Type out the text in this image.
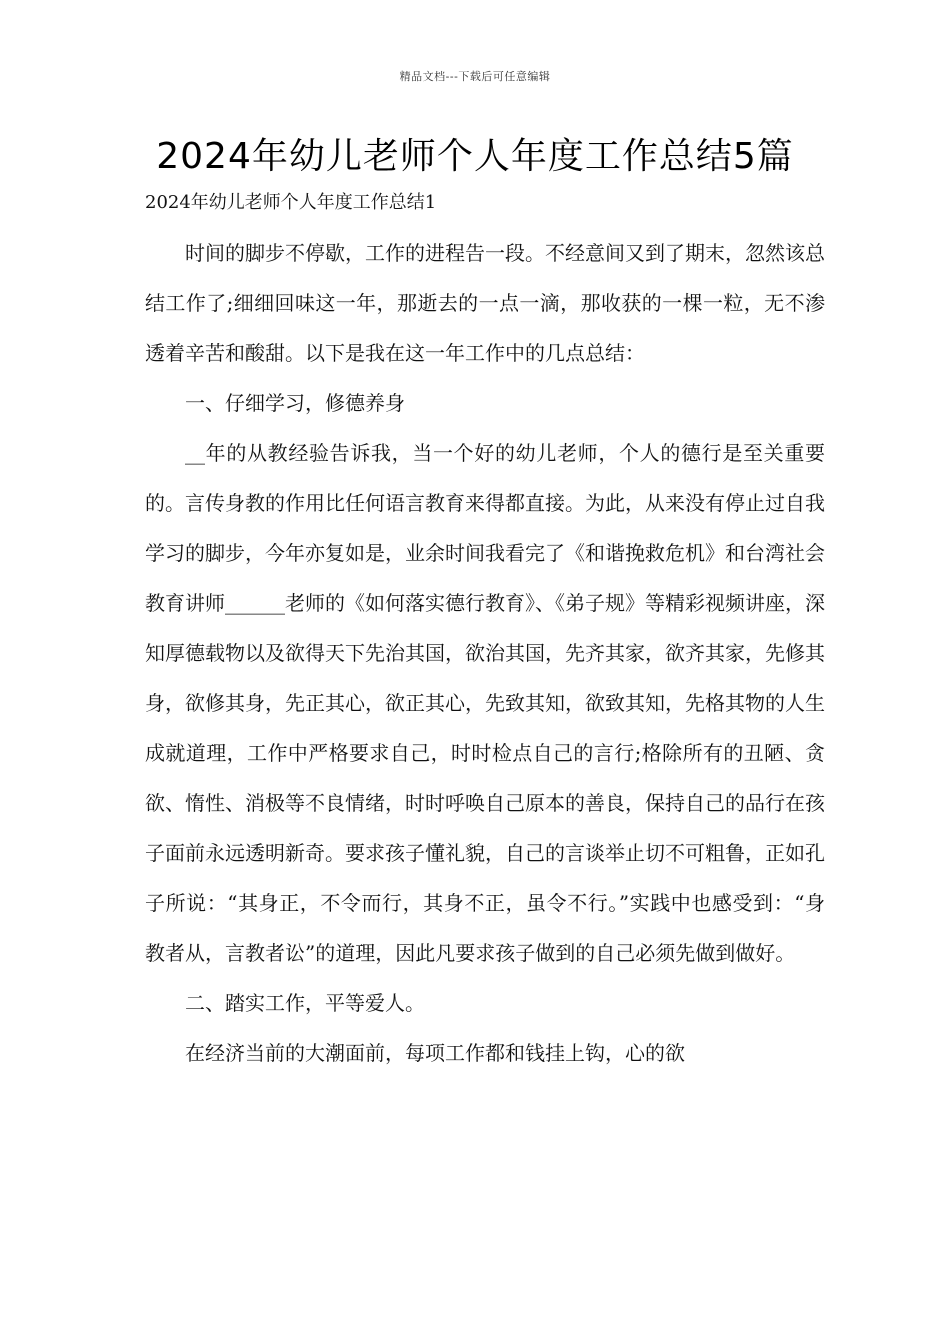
精品文档---下载后可任意编辑
2024年幼儿老师个人年度工作总结5篇

2024年幼儿老师个人年度工作总结1

时间的脚步不停歇，工作的进程告一段。不经意间又到了期末，忽然该总结工作了;细细回味这一年，那逝去的一点一滴，那收获的一棵一粒，无不渗透着辛苦和酸甜。以下是我在这一年工作中的几点总结：

一、仔细学习，修德养身

__年的从教经验告诉我，当一个好的幼儿老师，个人的德行是至关重要的。言传身教的作用比任何语言教育来得都直接。为此，从来没有停止过自我学习的脚步，今年亦复如是，业余时间我看完了《和谐挽救危机》和台湾社会教育讲师______老师的《如何落实德行教育》、《弟子规》等精彩视频讲座，深知厚德载物以及欲得天下先治其国，欲治其国，先齐其家，欲齐其家，先修其身，欲修其身，先正其心，欲正其心，先致其知，欲致其知，先格其物的人生成就道理，工作中严格要求自己，时时检点自己的言行;格除所有的丑陋、贪欲、惰性、消极等不良情绪，时时呼唤自己原本的善良，保持自己的品行在孩子面前永远透明新奇。要求孩子懂礼貌，自己的言谈举止切不可粗鲁，正如孔子所说：“其身正，不令而行，其身不正，虽令不行。”实践中也感受到：“身教者从，言教者讼”的道理，因此凡要求孩子做到的自己必须先做到做好。

二、踏实工作，平等爱人。

在经济当前的大潮面前，每项工作都和钱挂上钩，心的欲
